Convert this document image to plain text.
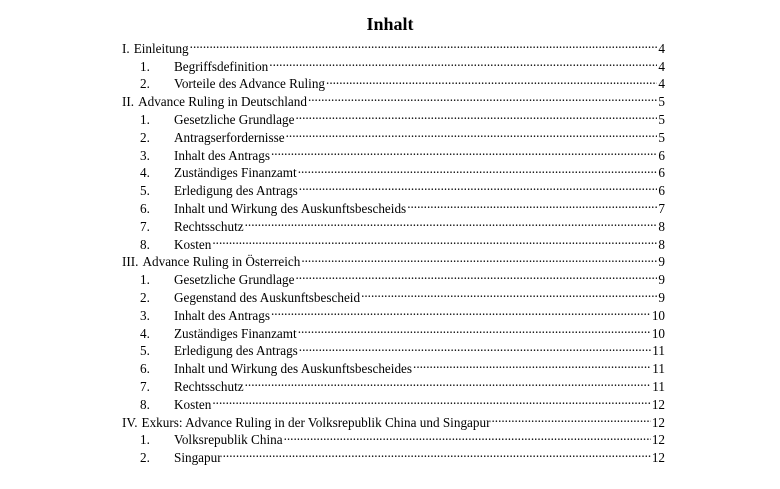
Inhalt
I. Einleitung .....	4
1.	Begriffsdefinition .....	4
2.	Vorteile des Advance Ruling .....	4
II. Advance Ruling in Deutschland .....	5
1.	Gesetzliche Grundlage .....	5
2.	Antragserfordernisse .....	5
3.	Inhalt des Antrags .....	6
4.	Zuständiges Finanzamt .....	6
5.	Erledigung des Antrags .....	6
6.	Inhalt und Wirkung des Auskunftsbescheids .....	7
7.	Rechtsschutz .....	8
8.	Kosten .....	8
III. Advance Ruling in Österreich .....	9
1.	Gesetzliche Grundlage .....	9
2.	Gegenstand des Auskunftsbescheid .....	9
3.	Inhalt des Antrags .....	10
4.	Zuständiges Finanzamt .....	10
5.	Erledigung des Antrags .....	11
6.	Inhalt und Wirkung des Auskunftsbescheides .....	11
7.	Rechtsschutz .....	11
8.	Kosten .....	12
IV. Exkurs: Advance Ruling in der Volksrepublik China und Singapur .....	12
1.	Volksrepublik China .....	12
2.	Singapur .....	12
